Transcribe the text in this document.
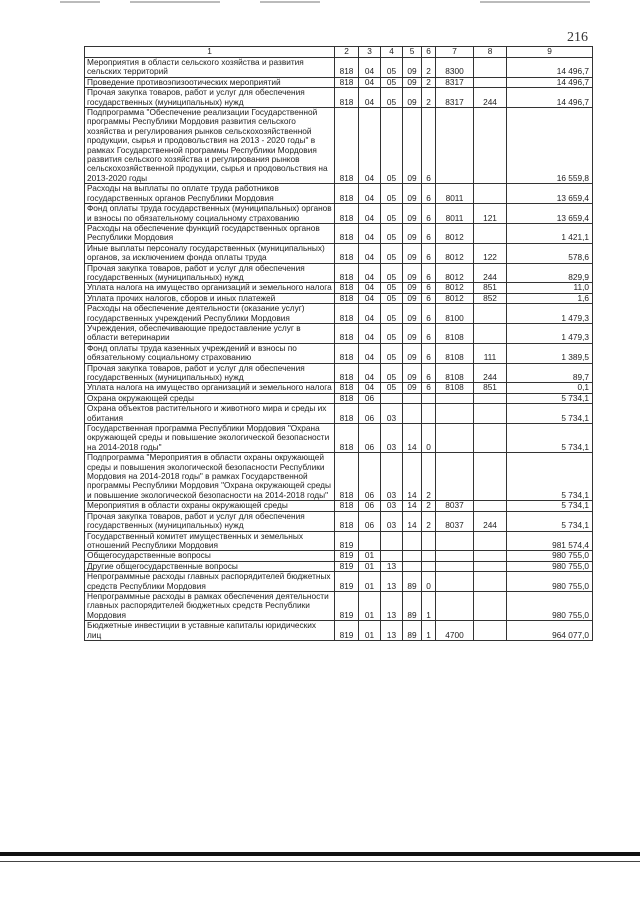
216
1	2	3	4	5	6	7	8	9
Мероприятия в области сельского хозяйства и развития сельских территорий	818	04	05	09	2	8300		14 496,7
Проведение противоэпизоотических мероприятий	818	04	05	09	2	8317		14 496,7
Прочая закупка товаров, работ и услуг для обеспечения государственных (муниципальных) нужд	818	04	05	09	2	8317	244	14 496,7
Подпрограмма "Обеспечение реализации Государственной программы Республики Мордовия развития сельского хозяйства и регулирования рынков сельскохозяйственной продукции, сырья и продовольствия на 2013 - 2020 годы" в рамках Государственной программы Республики Мордовия развития сельского хозяйства и регулирования рынков сельскохозяйственной продукции, сырья и продовольствия на 2013-2020 годы	818	04	05	09	6			16 559,8
Расходы на выплаты по оплате труда работников государственных органов Республики Мордовия	818	04	05	09	6	8011		13 659,4
Фонд оплаты труда государственных (муниципальных) органов и взносы по обязательному социальному страхованию	818	04	05	09	6	8011	121	13 659,4
Расходы на обеспечение функций государственных органов Республики Мордовия	818	04	05	09	6	8012		1 421,1
Иные выплаты персоналу государственных (муниципальных) органов, за исключением фонда оплаты труда	818	04	05	09	6	8012	122	578,6
Прочая закупка товаров, работ и услуг для обеспечения государственных (муниципальных) нужд	818	04	05	09	6	8012	244	829,9
Уплата налога на имущество организаций и земельного налога	818	04	05	09	6	8012	851	11,0
Уплата прочих налогов, сборов и иных платежей	818	04	05	09	6	8012	852	1,6
Расходы на обеспечение деятельности (оказание услуг) государственных учреждений Республики Мордовия	818	04	05	09	6	8100		1 479,3
Учреждения, обеспечивающие предоставление услуг в области ветеринарии	818	04	05	09	6	8108		1 479,3
Фонд оплаты труда казенных учреждений и взносы по обязательному социальному страхованию	818	04	05	09	6	8108	111	1 389,5
Прочая закупка товаров, работ и услуг для обеспечения государственных (муниципальных) нужд	818	04	05	09	6	8108	244	89,7
Уплата налога на имущество организаций и земельного налога	818	04	05	09	6	8108	851	0,1
Охрана окружающей среды	818	06						5 734,1
Охрана объектов растительного и животного мира и среды их обитания	818	06	03					5 734,1
Государственная программа Республики Мордовия "Охрана окружающей среды и повышение экологической безопасности на 2014-2018 годы"	818	06	03	14	0			5 734,1
Подпрограмма "Мероприятия в области охраны окружающей среды и повышения экологической безопасности Республики Мордовия на 2014-2018 годы" в рамках Государственной программы Республики Мордовия "Охрана окружающей среды и повышение экологической безопасности на 2014-2018 годы"	818	06	03	14	2			5 734,1
Мероприятия в области охраны окружающей среды	818	06	03	14	2	8037		5 734,1
Прочая закупка товаров, работ и услуг для обеспечения государственных (муниципальных) нужд	818	06	03	14	2	8037	244	5 734,1
Государственный комитет имущественных и земельных отношений Республики Мордовия	819							981 574,4
Общегосударственные вопросы	819	01						980 755,0
Другие общегосударственные вопросы	819	01	13					980 755,0
Непрограммные расходы главных распорядителей бюджетных средств Республики Мордовия	819	01	13	89	0			980 755,0
Непрограммные расходы в рамках обеспечения деятельности главных распорядителей бюджетных средств Республики Мордовия	819	01	13	89	1			980 755,0
Бюджетные инвестиции в уставные капиталы юридических лиц	819	01	13	89	1	4700		964 077,0
